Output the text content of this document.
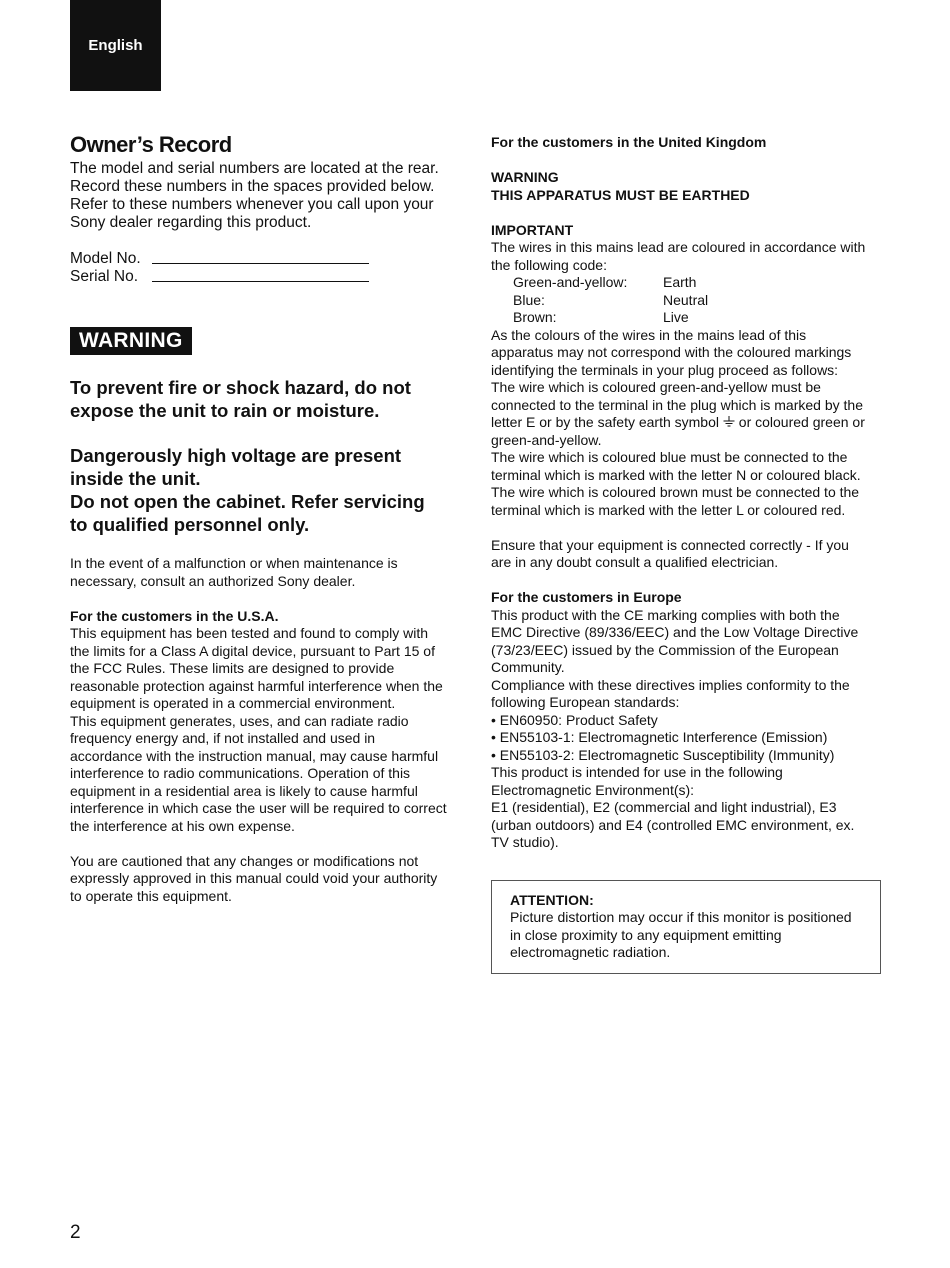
English
Owner’s Record
The model and serial numbers are located at the rear.
Record these numbers in the spaces provided below.
Refer to these numbers whenever you call upon your
Sony dealer regarding this product.
Model No.
Serial No.
WARNING
To prevent fire or shock hazard, do not
expose the unit to rain or moisture.
Dangerously high voltage are present
inside the unit.
Do not open the cabinet. Refer servicing
to qualified personnel only.
In the event of a malfunction or when maintenance is
necessary, consult an authorized Sony dealer.
For the customers in the U.S.A.
This equipment has been tested and found to comply with
the limits for a Class A digital device, pursuant to Part 15 of
the FCC Rules. These limits are designed to provide
reasonable protection against harmful interference when the
equipment is operated in a commercial environment.
This equipment generates, uses, and can radiate radio
frequency energy and, if not installed and used in
accordance with the instruction manual, may cause harmful
interference to radio communications. Operation of this
equipment in a residential area is likely to cause harmful
interference in which case the user will be required to correct
the interference at his own expense.
You are cautioned that any changes or modifications not
expressly approved in this manual could void your authority
to operate this equipment.
For the customers in the United Kingdom
WARNING
THIS APPARATUS MUST BE EARTHED
IMPORTANT
The wires in this mains lead are coloured in accordance with
the following code:
Green-and-yellow:	Earth
Blue:	Neutral
Brown:	Live
As the colours of the wires in the mains lead of this
apparatus may not correspond with the coloured markings
identifying the terminals in your plug proceed as follows:
The wire which is coloured green-and-yellow must be
connected to the terminal in the plug which is marked by the
letter E or by the safety earth symbol  or coloured green or
green-and-yellow.
The wire which is coloured blue must be connected to the
terminal which is marked with the letter N or coloured black.
The wire which is coloured brown must be connected to the
terminal which is marked with the letter L or coloured red.
Ensure that your equipment is connected correctly - If you
are in any doubt consult a qualified electrician.
For the customers in Europe
This product with the CE marking complies with both the
EMC Directive (89/336/EEC) and the Low Voltage Directive
(73/23/EEC) issued by the Commission of the European
Community.
Compliance with these directives implies conformity to the
following European standards:
• EN60950: Product Safety
• EN55103-1: Electromagnetic Interference (Emission)
• EN55103-2: Electromagnetic Susceptibility (Immunity)
This product is intended for use in the following
Electromagnetic Environment(s):
E1 (residential), E2 (commercial and light industrial), E3
(urban outdoors) and E4 (controlled EMC environment, ex.
TV studio).
ATTENTION:
Picture distortion may occur if this monitor is positioned
in close proximity to any equipment emitting
electromagnetic radiation.
2
